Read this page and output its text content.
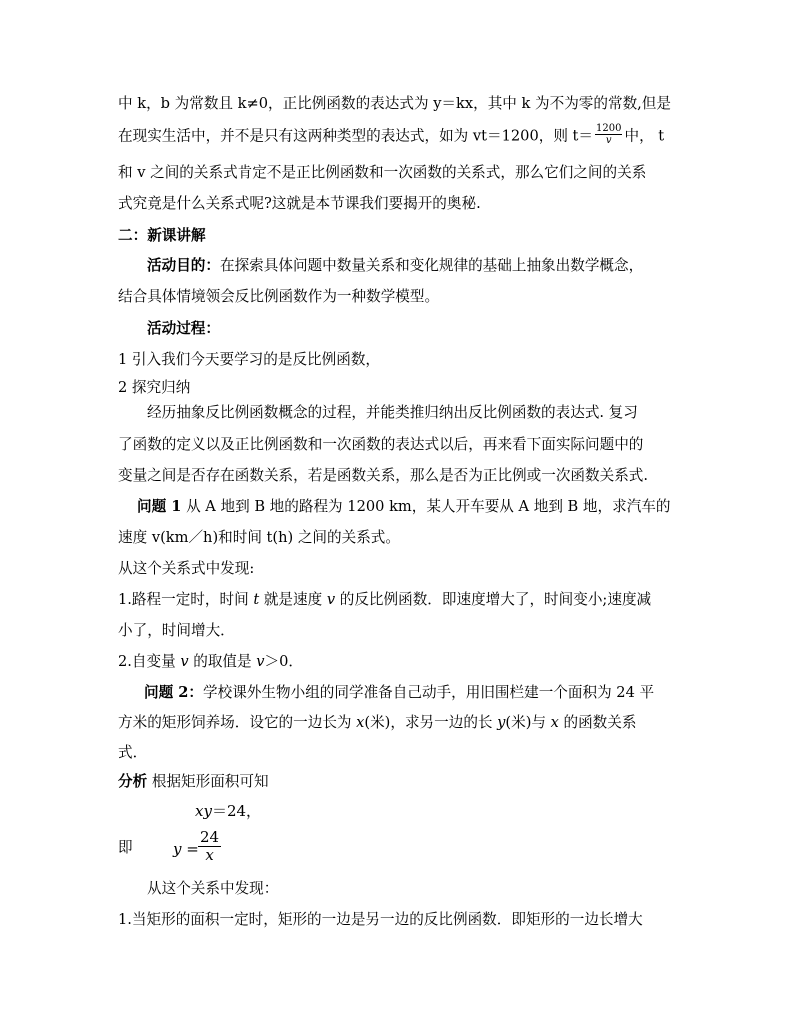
中 k，b 为常数且 k≠0，正比例函数的表达式为 y＝kx，其中 k 为不为零的常数,但是
在现实生活中，并不是只有这两种类型的表达式，如为 vt＝1200，则 $t= \frac{1200}{v}$ 中， t
和 v 之间的关系式肯定不是正比例函数和一次函数的关系式，那么它们之间的关系
式究竟是什么关系式呢?这就是本节课我们要揭开的奥秘.
二：新课讲解
活动目的：在探索具体问题中数量关系和变化规律的基础上抽象出数学概念，
结合具体情境领会反比例函数作为一种数学模型。
活动过程：
1 引入我们今天要学习的是反比例函数，
2 探究归纳
经历抽象反比例函数概念的过程，并能类推归纳出反比例函数的表达式. 复习
了函数的定义以及正比例函数和一次函数的表达式以后，再来看下面实际问题中的
变量之间是否存在函数关系，若是函数关系，那么是否为正比例或一次函数关系式.
问题 1 从 A 地到 B 地的路程为 1200 km，某人开车要从 A 地到 B 地，求汽车的
速度 v(km／h)和时间 t(h) 之间的关系式。
从这个关系式中发现:
1.路程一定时，时间 t 就是速度 v 的反比例函数．即速度增大了，时间变小;速度减
小了，时间增大．
2.自变量 v 的取值是 v＞0．
问题 2：学校课外生物小组的同学准备自己动手，用旧围栏建一个面积为 24 平
方米的矩形饲养场．设它的一边长为 x(米)，求另一边的长 y(米)与 x 的函数关系
式．
分析 根据矩形面积可知
xy＝24，
即	$y = \frac{24}{x}$
从这个关系中发现：
1.当矩形的面积一定时，矩形的一边是另一边的反比例函数．即矩形的一边长增大
